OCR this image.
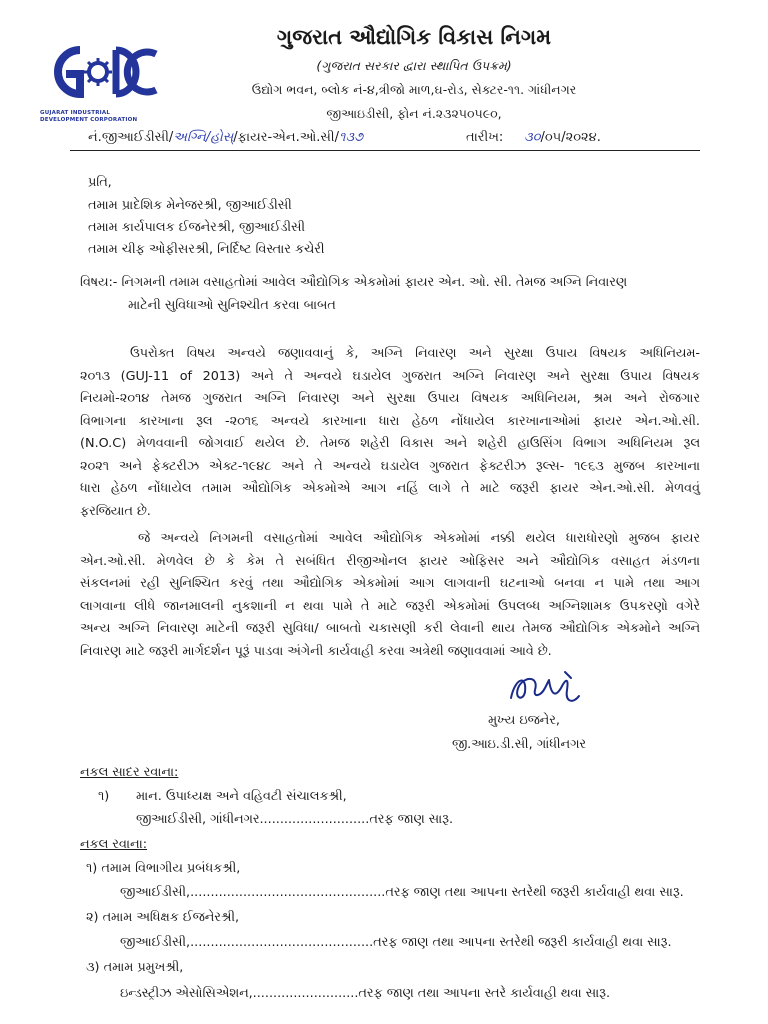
GUJARAT INDUSTRIAL
DEVELOPMENT CORPORATION
ગુજરાત ઔદ્યોગિક વિકાસ નિગમ
(ગુજરાત સરકાર દ્વારા સ્થાપિત ઉપક્રમ)
ઉદ્યોગ ભવન, બ્લોક નં-૪,ત્રીજો માળ,ઘ-રોડ, સેક્ટર-૧૧. ગાંધીનગર
જીઆઇડીસી, ફોન નં.૨૩૨૫૦૫૯૦,
નં.જીઆઈડીસી/અગ્નિ/હોસ્/ફાયર-એન.ઓ.સી/૧૩૭	તારીખ: ૩૦/૦૫/૨૦૨૪.
પ્રતિ,
તમામ પ્રાદેશિક મેનેજરશ્રી, જીઆઈડીસી
તમામ કાર્યપાલક ઈજનેરશ્રી, જીઆઈડીસી
તમામ ચીફ ઓફીસરશ્રી, નિર્દિષ્ટ વિસ્તાર કચેરી
વિષય:- નિગમની તમામ વસાહતોમાં આવેલ ઔદ્યોગિક એકમોમાં ફાયર એન. ઓ. સી. તેમજ અગ્નિ નિવારણ
માટેની સુવિધાઓ સુનિશ્ચીત કરવા બાબત
ઉપરોક્ત વિષય અન્વયે જણાવવાનું કે, અગ્નિ નિવારણ અને સુરક્ષા ઉપાય વિષયક અધિનિયમ-
૨૦૧૩ (GUJ-11 of 2013) અને તે અન્વયે ઘડાયેલ ગુજરાત અગ્નિ નિવારણ અને સુરક્ષા ઉપાય વિષયક
નિયમો-૨૦૧૪ તેમજ ગુજરાત અગ્નિ નિવારણ અને સુરક્ષા ઉપાય વિષયક અધિનિયમ, શ્રમ અને રોજગાર
વિભાગના કારખાના રૂલ -૨૦૧૬ અન્વયે કારખાના ધારા હેઠળ નોંધાયેલ કારખાનાઓમાં ફાયર એન.ઓ.સી.
(N.O.C) મેળવવાની જોગવાઈ થયેલ છે. તેમજ શહેરી વિકાસ અને શહેરી હાઉસિંગ વિભાગ અધિનિયમ રૂલ
૨૦૨૧ અને ફેક્ટરીઝ એક્ટ-૧૯૪૮ અને તે અન્વયે ઘડાયેલ ગુજરાત ફેક્ટરીઝ રૂલ્સ- ૧૯૬૩ મુજબ કારખાના
ધારા હેઠળ નોંધાયેલ તમામ ઔદ્યોગિક એકમોએ આગ નહિં લાગે તે માટે જરૂરી ફાયર એન.ઓ.સી. મેળવવું
ફરજિયાત છે.
જે અન્વયે નિગમની વસાહતોમાં આવેલ ઔદ્યોગિક એકમોમાં નક્કી થયેલ ધારાધોરણો મુજબ ફાયર
એન.ઓ.સી. મેળવેલ છે કે કેમ તે સબંધિત રીજીઓનલ ફાયર ઓફિસર અને ઔદ્યોગિક વસાહત મંડળના
સંકલનમાં રહી સુનિશ્ચિત કરવું તથા ઔદ્યોગિક એકમોમાં આગ લાગવાની ઘટનાઓ બનવા ન પામે તથા આગ
લાગવાના લીધે જાનમાલની નુકશાની ન થવા પામે તે માટે જરૂરી એકમોમાં ઉપલબ્ધ અગ્નિશામક ઉપકરણો વગેરે
અન્ય અગ્નિ નિવારણ માટેની જરૂરી સુવિધા/ બાબતો ચકાસણી કરી લેવાની થાય તેમજ ઔદ્યોગિક એકમોને અગ્નિ
નિવારણ માટે જરૂરી માર્ગદર્શન પૂરૂં પાડવા અંગેની કાર્યવાહી કરવા અત્રેથી જણાવવામાં આવે છે.
મુખ્ય ઇજનેર,
જી.આઇ.ડી.સી, ગાંધીનગર
નકલ સાદર રવાના:
૧) માન. ઉપાધ્યક્ષ અને વહિવટી સંચાલકશ્રી,
જીઆઈડીસી, ગાંધીનગર...........................તરફ જાણ સારૂ.
નકલ રવાના:
૧) તમામ વિભાગીય પ્રબંધકશ્રી,
જીઆઈડીસી,................................................તરફ જાણ તથા આપના સ્તરેથી જરૂરી કાર્યવાહી થવા સારૂ.
૨) તમામ અધિક્ષક ઈજનેરશ્રી,
જીઆઈડીસી,.............................................તરફ જાણ તથા આપના સ્તરેથી જરૂરી કાર્યવાહી થવા સારૂ.
૩) તમામ પ્રમુખશ્રી,
ઇન્ડસ્ટ્રીઝ એસોસિએશન,..........................તરફ જાણ તથા આપના સ્તરે કાર્યવાહી થવા સારૂ.
